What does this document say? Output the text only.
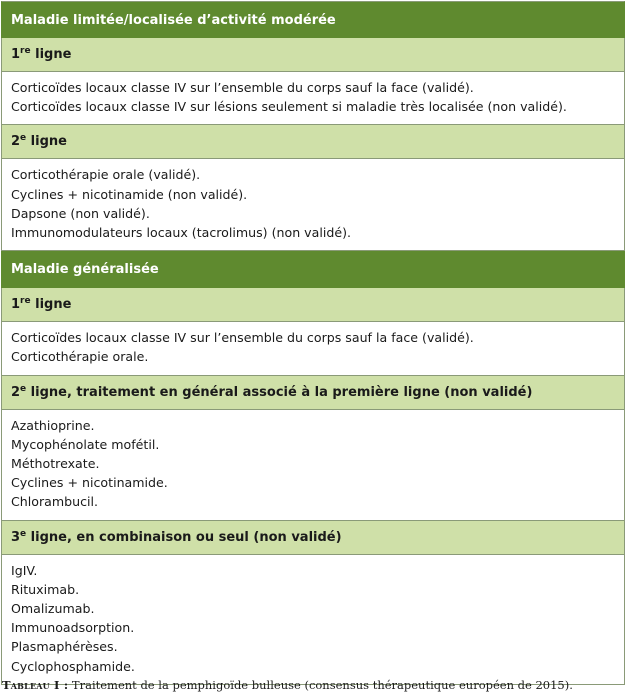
Maladie limitée/localisée d’activité modérée
1re ligne
Corticoïdes locaux classe IV sur l’ensemble du corps sauf la face (validé).
Corticoïdes locaux classe IV sur lésions seulement si maladie très localisée (non validé).
2e ligne
Corticothérapie orale (validé).
Cyclines + nicotinamide (non validé).
Dapsone (non validé).
Immunomodulateurs locaux (tacrolimus) (non validé).
Maladie généralisée
1re ligne
Corticoïdes locaux classe IV sur l’ensemble du corps sauf la face (validé).
Corticothérapie orale.
2e ligne, traitement en général associé à la première ligne (non validé)
Azathioprine.
Mycophénolate mofétil.
Méthotrexate.
Cyclines + nicotinamide.
Chlorambucil.
3e ligne, en combinaison ou seul (non validé)
IgIV.
Rituximab.
Omalizumab.
Immunoadsorption.
Plasmaphérèses.
Cyclophosphamide.
Tableau I : Traitement de la pemphigoïde bulleuse (consensus thérapeutique européen de 2015).
